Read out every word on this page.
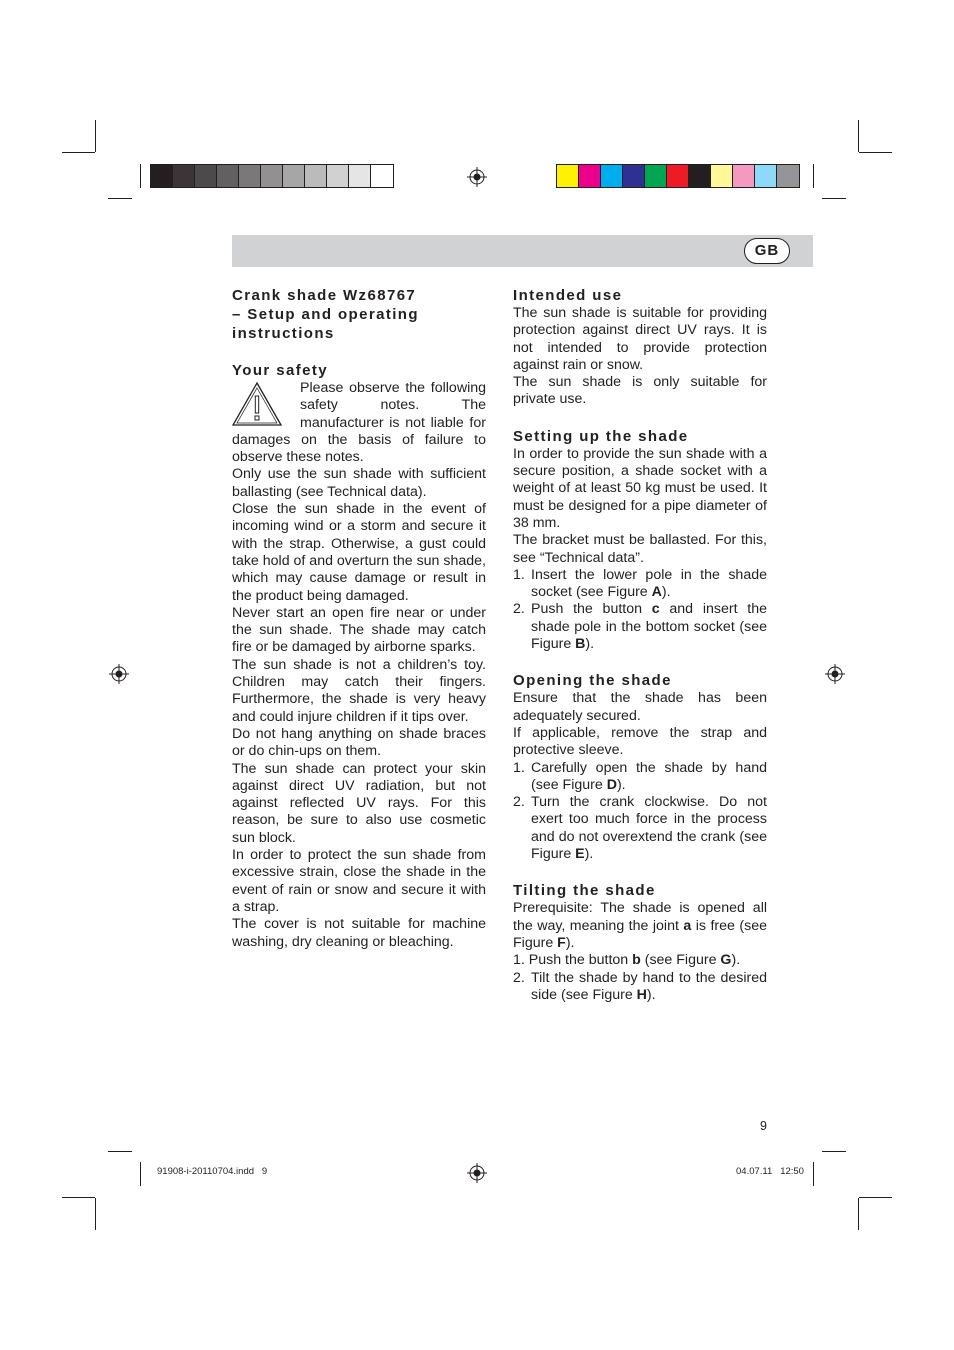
GB
Crank shade Wz68767
– Setup and operating
instructions
Your safety

Please observe the following safety notes. The manufacturer is not liable for damages on the basis of failure to observe these notes.

Only use the sun shade with sufficient ballasting (see Technical data).

Close the sun shade in the event of incoming wind or a storm and secure it with the strap. Otherwise, a gust could take hold of and overturn the sun shade, which may cause damage or result in the product being damaged.

Never start an open fire near or under the sun shade. The shade may catch fire or be damaged by airborne sparks.

The sun shade is not a children’s toy. Children may catch their fingers. Furthermore, the shade is very heavy and could injure children if it tips over.

Do not hang anything on shade braces or do chin-ups on them.

The sun shade can protect your skin against direct UV radiation, but not against reflected UV rays. For this reason, be sure to also use cosmetic sun block.

In order to protect the sun shade from excessive strain, close the shade in the event of rain or snow and secure it with a strap.

The cover is not suitable for machine washing, dry cleaning or bleaching.

Intended use

The sun shade is suitable for providing protection against direct UV rays. It is not intended to provide protection against rain or snow.

The sun shade is only suitable for private use.

Setting up the shade

In order to provide the sun shade with a secure position, a shade socket with a weight of at least 50 kg must be used. It must be designed for a pipe diameter of 38 mm.

The bracket must be ballasted. For this, see “Technical data”.

1. Insert the lower pole in the shade socket (see Figure A).
2. Push the button c and insert the shade pole in the bottom socket (see Figure B).
Opening the shade

Ensure that the shade has been adequately secured.

If applicable, remove the strap and protective sleeve.

1. Carefully open the shade by hand (see Figure D).
2. Turn the crank clockwise. Do not exert too much force in the process and do not overextend the crank (see Figure E).
Tilting the shade

Prerequisite: The shade is opened all the way, meaning the joint a is free (see Figure F).

1. Push the button b (see Figure G).

2. Tilt the shade by hand to the desired side (see Figure H).
9
91908-i-20110704.indd   9	04.07.11   12:50
